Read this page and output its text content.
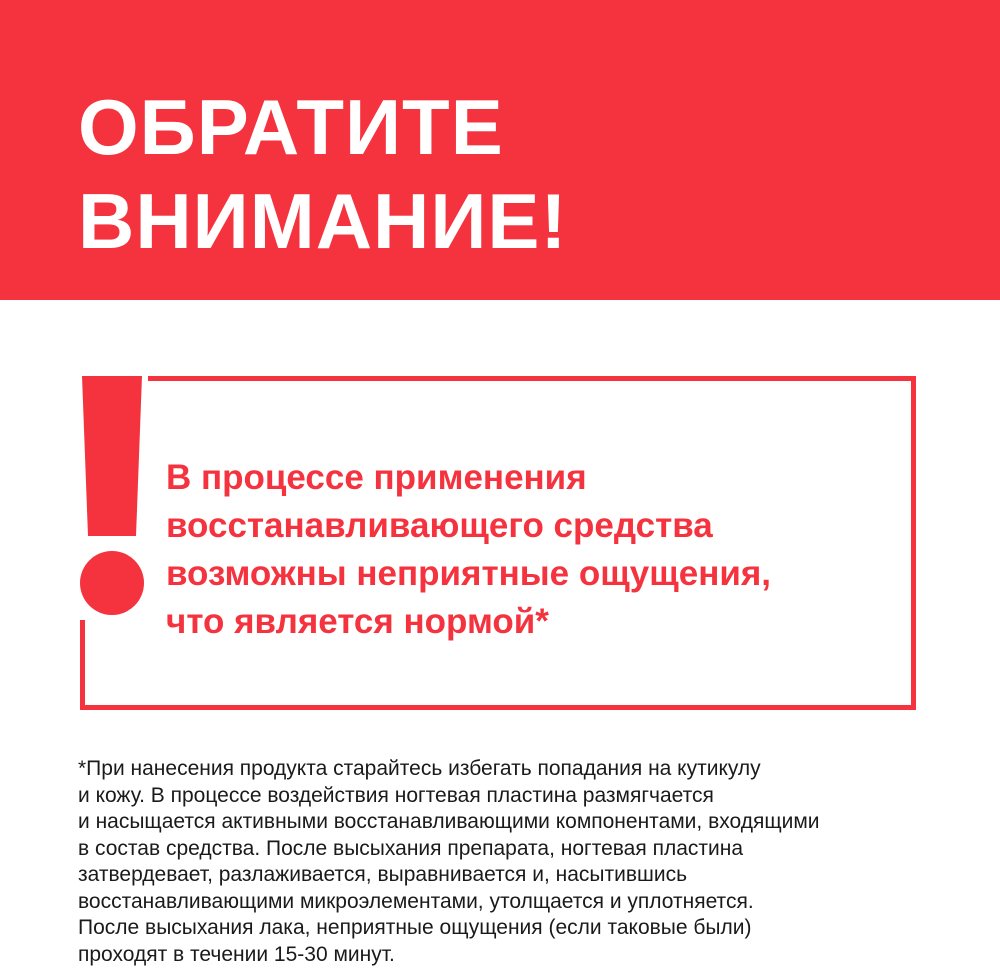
ОБРАТИТЕ
ВНИМАНИЕ!

В процессе применения
восстанавливающего средства
возможны неприятные ощущения,
что является нормой*

*При нанесения продукта старайтесь избегать попадания на кутикулу
и кожу. В процессе воздействия ногтевая пластина размягчается
и насыщается активными восстанавливающими компонентами, входящими
в состав средства. После высыхания препарата, ногтевая пластина
затвердевает, разлаживается, выравнивается и, насытившись
восстанавливающими микроэлементами, утолщается и уплотняется.
После высыхания лака, неприятные ощущения (если таковые были)
проходят в течении 15-30 минут.
